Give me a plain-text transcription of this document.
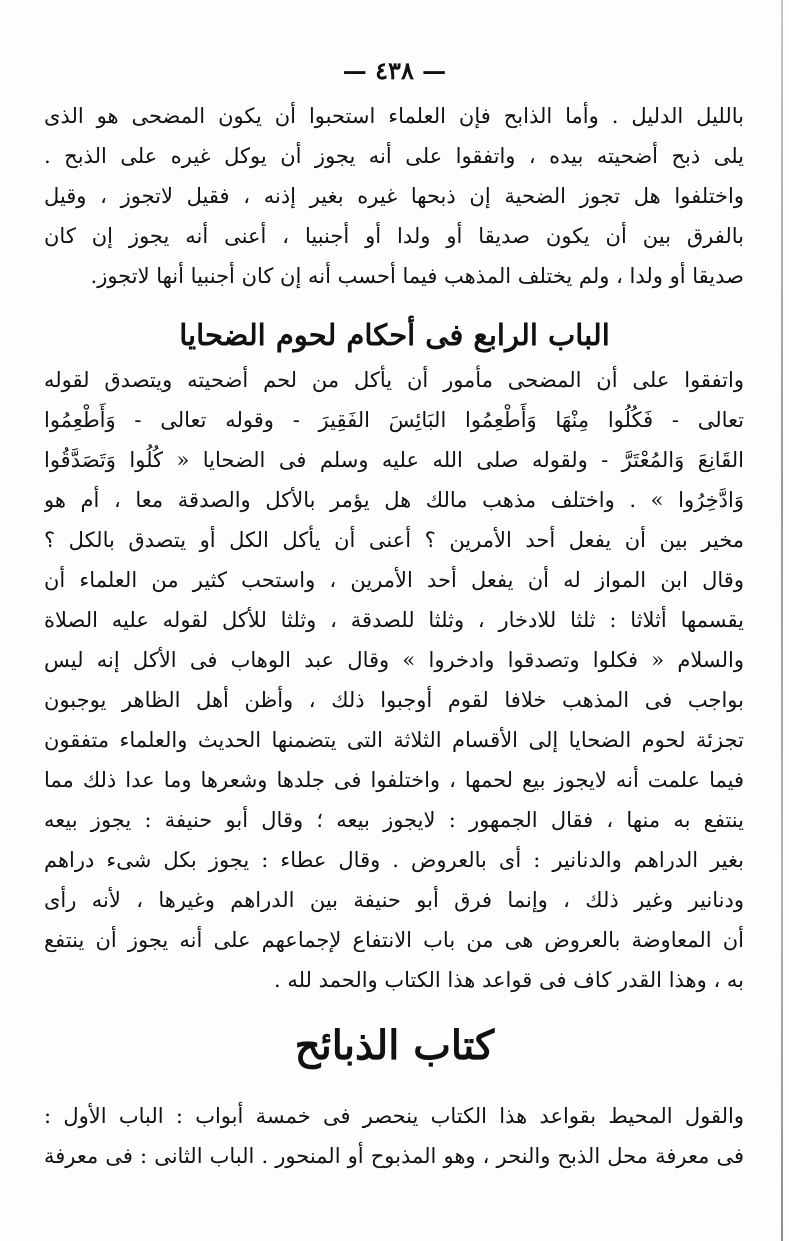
— ٤٣٨ —
بالليل الدليل . وأما الذابح فإن العلماء استحبوا أن يكون المضحى هو الذى
يلى ذبح أضحيته بيده ، واتفقوا على أنه يجوز أن يوكل غيره على الذبح .
واختلفوا هل تجوز الضحية إن ذبحها غيره بغير إذنه ، فقيل لاتجوز ، وقيل
بالفرق بين أن يكون صديقا أو ولدا أو أجنبيا ، أعنى أنه يجوز إن كان
صديقا أو ولدا ، ولم يختلف المذهب فيما أحسب أنه إن كان أجنبيا أنها لاتجوز.
الباب الرابع فى أحكام لحوم الضحايا
واتفقوا على أن المضحى مأمور أن يأكل من لحم أضحيته ويتصدق لقوله
تعالى - فَكُلُوا مِنْهَا وَأَطْعِمُوا البَائِسَ الفَقِيرَ - وقوله تعالى - وَأَطْعِمُوا
القَانِعَ وَالمُعْتَرَّ - ولقوله صلى الله عليه وسلم فى الضحايا « كُلُوا وَتَصَدَّقُوا
وَادَّخِرُوا » . واختلف مذهب مالك هل يؤمر بالأكل والصدقة معا ، أم هو
مخير بين أن يفعل أحد الأمرين ؟ أعنى أن يأكل الكل أو يتصدق بالكل ؟
وقال ابن المواز له أن يفعل أحد الأمرين ، واستحب كثير من العلماء أن
يقسمها أثلاثا : ثلثا للادخار ، وثلثا للصدقة ، وثلثا للأكل لقوله عليه الصلاة
والسلام « فكلوا وتصدقوا وادخروا » وقال عبد الوهاب فى الأكل إنه ليس
بواجب فى المذهب خلافا لقوم أوجبوا ذلك ، وأظن أهل الظاهر يوجبون
تجزئة لحوم الضحايا إلى الأقسام الثلاثة التى يتضمنها الحديث والعلماء متفقون
فيما علمت أنه لايجوز بيع لحمها ، واختلفوا فى جلدها وشعرها وما عدا ذلك مما
ينتفع به منها ، فقال الجمهور : لايجوز بيعه ؛ وقال أبو حنيفة : يجوز بيعه
بغير الدراهم والدنانير : أى بالعروض . وقال عطاء : يجوز بكل شىء دراهم
ودنانير وغير ذلك ، وإنما فرق أبو حنيفة بين الدراهم وغيرها ، لأنه رأى
أن المعاوضة بالعروض هى من باب الانتفاع لإجماعهم على أنه يجوز أن ينتفع
به ، وهذا القدر كاف فى قواعد هذا الكتاب والحمد لله .
كتاب الذبائح
والقول المحيط بقواعد هذا الكتاب ينحصر فى خمسة أبواب : الباب الأول :
فى معرفة محل الذبح والنحر ، وهو المذبوح أو المنحور . الباب الثانى : فى معرفة
